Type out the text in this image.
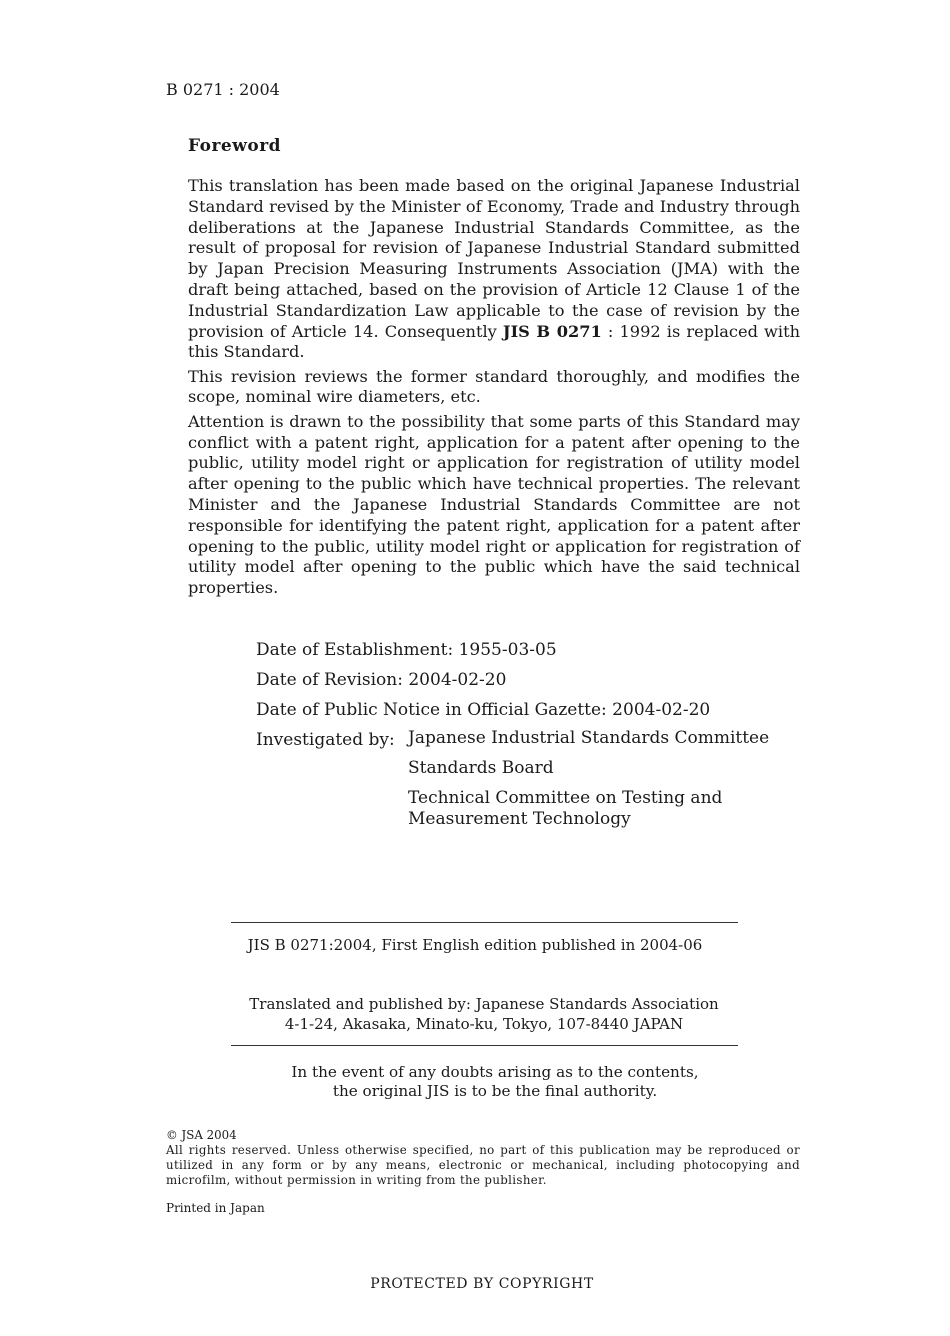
B 0271 : 2004
Foreword

This translation has been made based on the original Japanese Industrial Standard revised by the Minister of Economy, Trade and Industry through deliberations at the Japanese Industrial Standards Committee, as the result of proposal for revision of Japanese Industrial Standard submitted by Japan Precision Measuring Instruments Association (JMA) with the draft being attached, based on the provision of Article 12 Clause 1 of the Industrial Standardization Law applicable to the case of revision by the provision of Article 14. Consequently JIS B 0271 : 1992 is replaced with this Standard.

This revision reviews the former standard thoroughly, and modifies the scope, nominal wire diameters, etc.

Attention is drawn to the possibility that some parts of this Standard may conflict with a patent right, application for a patent after opening to the public, utility model right or application for registration of utility model after opening to the public which have technical properties. The relevant Minister and the Japanese Industrial Standards Committee are not responsible for identifying the patent right, application for a patent after opening to the public, utility model right or application for registration of utility model after opening to the public which have the said technical properties.

Date of Establishment: 1955-03-05
Date of Revision: 2004-02-20
Date of Public Notice in Official Gazette: 2004-02-20
Investigated by: Japanese Industrial Standards Committee
Standards Board
Technical Committee on Testing and
Measurement Technology
JIS B 0271:2004, First English edition published in 2004-06
Translated and published by: Japanese Standards Association
4-1-24, Akasaka, Minato-ku, Tokyo, 107-8440 JAPAN
In the event of any doubts arising as to the contents,
the original JIS is to be the final authority.

© JSA 2004

All rights reserved. Unless otherwise specified, no part of this publication may be reproduced or utilized in any form or by any means, electronic or mechanical, including photocopying and microfilm, without permission in writing from the publisher.

Printed in Japan
PROTECTED BY COPYRIGHT
